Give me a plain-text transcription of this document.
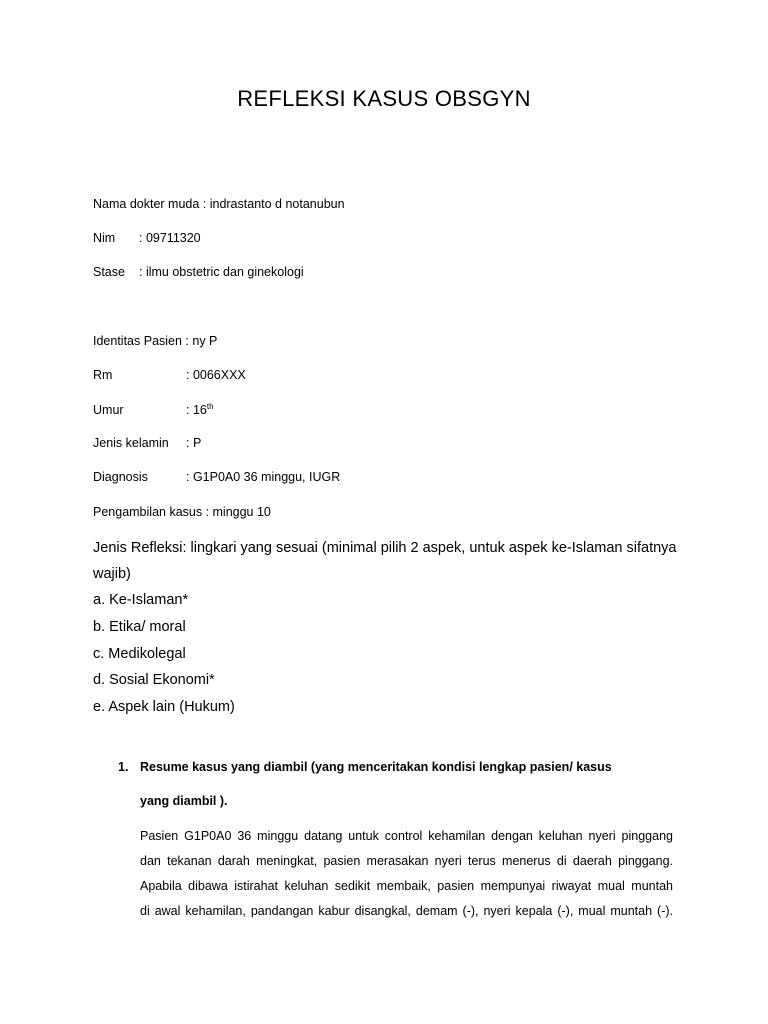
REFLEKSI KASUS OBSGYN
Nama dokter muda : indrastanto d notanubun
Nim : 09711320
Stase : ilmu obstetric dan ginekologi
Identitas Pasien : ny P
Rm	: 0066XXX
Umur	: 16th
Jenis kelamin : P
Diagnosis	: G1P0A0 36 minggu, IUGR
Pengambilan kasus : minggu 10
Jenis Refleksi: lingkari yang sesuai (minimal pilih 2 aspek, untuk aspek ke-Islaman sifatnya
wajib)
a. Ke-Islaman*
b. Etika/ moral
c. Medikolegal
d. Sosial Ekonomi*
e. Aspek lain (Hukum)
1. Resume kasus yang diambil (yang menceritakan kondisi lengkap pasien/ kasus
yang diambil ).
Pasien G1P0A0 36 minggu datang untuk control kehamilan dengan keluhan nyeri pinggang
dan tekanan darah meningkat, pasien merasakan nyeri terus menerus di daerah pinggang.
Apabila dibawa istirahat keluhan sedikit membaik, pasien mempunyai riwayat mual muntah
di awal kehamilan, pandangan kabur disangkal, demam (-), nyeri kepala (-), mual muntah (-).
